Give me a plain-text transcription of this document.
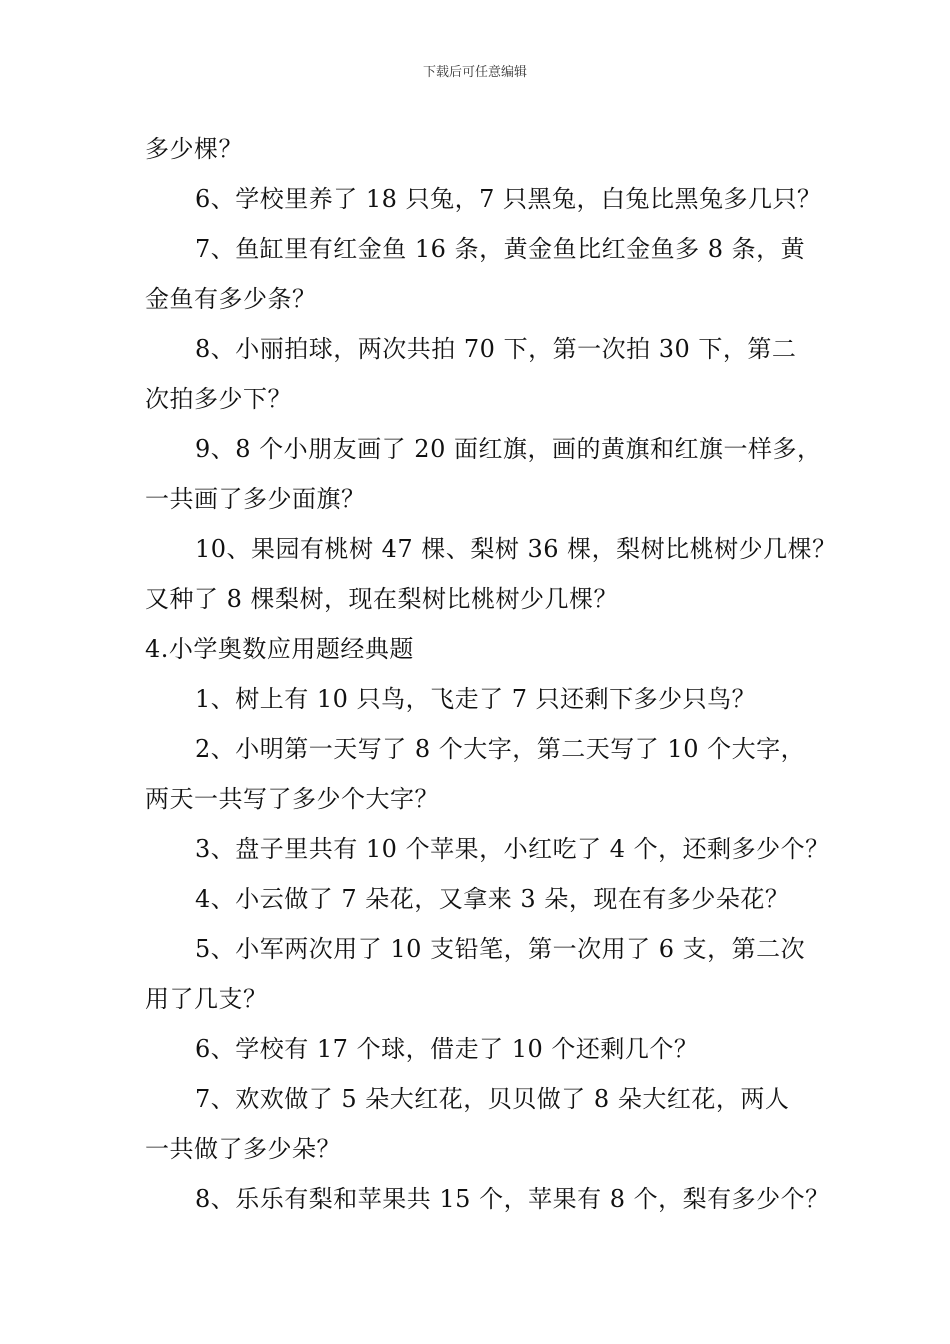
下载后可任意编辑
多少棵？
6、学校里养了 18 只兔，7 只黑兔，白兔比黑兔多几只？
7、鱼缸里有红金鱼 16 条，黄金鱼比红金鱼多 8 条，黄
金鱼有多少条？
8、小丽拍球，两次共拍 70 下，第一次拍 30 下，第二
次拍多少下？
9、8 个小朋友画了 20 面红旗，画的黄旗和红旗一样多，
一共画了多少面旗？
10、果园有桃树 47 棵、梨树 36 棵，梨树比桃树少几棵？
又种了 8 棵梨树，现在梨树比桃树少几棵？
4.小学奥数应用题经典题
1、树上有 10 只鸟，飞走了 7 只还剩下多少只鸟？
2、小明第一天写了 8 个大字，第二天写了 10 个大字，
两天一共写了多少个大字？
3、盘子里共有 10 个苹果，小红吃了 4 个，还剩多少个？
4、小云做了 7 朵花，又拿来 3 朵，现在有多少朵花？
5、小军两次用了 10 支铅笔，第一次用了 6 支，第二次
用了几支？
6、学校有 17 个球，借走了 10 个还剩几个？
7、欢欢做了 5 朵大红花，贝贝做了 8 朵大红花，两人
一共做了多少朵？
8、乐乐有梨和苹果共 15 个，苹果有 8 个，梨有多少个？
